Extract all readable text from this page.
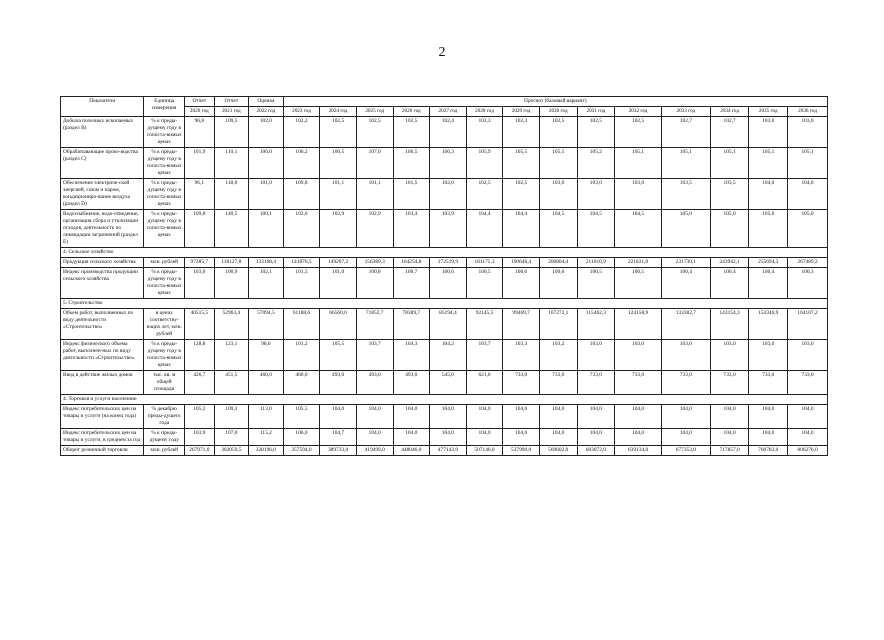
2
Показатели	Единица измерения	Отчет	Отчет	Оценка	Прогноз (базовый вариант)													
		2020 год	2021 год	2022 год	2023 год	2024 год	2025 год	2026 год	2027 год	2028 год	2029 год	2030 год	2031 год	2032 год	2033 год	2034 год	2035 год	2036 год
Добыча полезных ископаемых (раздел B)	% к преды-дущему году в сопоста-вимых ценах	96,8	109,5	102,0	102,2	102,5	102,5	102,5	102,4	102,3	102,3	102,5	102,5	102,5	102,7	102,7	103,0	103,0
Обрабатывающие произ-водства (раздел C)	% к преды-дущему году в сопоста-вимых ценах	101,9	110,1	106,0	106,2	106,5	107,0	106,5	106,3	105,9	105,5	105,5	105,2	105,1	105,1	105,1	105,1	105,1
Обеспечение электриче-ской энергией, газом и паром, кондициониро-вание воздуха (раздел D)	% к преды-дущему году в сопоста-вимых ценах	96,1	118,0	101,0	109,8	101,1	101,1	101,5	102,0	102,5	102,5	103,0	103,0	103,0	103,5	103,5	104,0	104,0
Водоснабжение, водо-отведение, организация сбора и утилизации отходов, деятельность по ликвидации загрязнений (раздел E)	% к преды-дущему году в сопоста-вимых ценах	109,8	140,5	100,1	102,6	102,9	102,9	103,4	103,9	104,4	104,4	104,5	104,5	104,5	105,0	105,0	105,0	105,0
4. Сельское хозяйство																		
Продукция сельского хозяйства	млн. рублей	97285,7	118127,8	133168,4	141876,5	149207,2	156389,3	164254,8	172519,9	181175,3	190646,4	200804,4	211010,9	221831,0	231730,1	243942,1	255694,3	267489,2
Индекс производства продукции сельского хозяйства	% к преды-дущему году в сопоста-вимых ценах	103,0	100,9	102,1	101,5	101,0	100,8	100,7	100,6	100,5	100,6	100,6	100,5	100,5	100,4	100,4	100,4	100,3
5. Строительство																		
Объем работ, выполненных по виду деятельности «Строительство»	в ценах соответству-ющих лет, млн. рублей	40515,5	52963,4	57094,5	61188,6	66560,0	71852,7	78389,7	85194,4	92145,5	99469,7	107272,1	115462,3	124158,9	133382,7	143154,3	153346,9	164107,2
Индекс физического объема работ, выполнен-ных по виду деятельности «Строительство»	% к преды-дущему году в сопоста-вимых ценах	128,8	123,1	98,0	101,2	105,5	103,7	104,3	104,2	103,7	103,3	103,2	103,0	103,0	103,0	103,0	103,0	103,0
Ввод в действие жилых домов	тыс. кв. м общей площади	426,7	451,5	460,0	460,0	493,0	493,0	493,0	545,0	621,0	733,0	733,0	733,0	733,0	733,0	733,0	733,0	733,0
4. Торговля и услуги населению																		
Индекс потребительских цен на товары и услуги (на конец года)	% декабрю преды-дущего года	105,2	109,3	113,0	105,5	104,0	104,0	104,0	104,0	104,0	104,0	104,0	104,0	104,0	104,0	104,0	104,0	104,0
Индекс потребительских цен на товары и услуги, в среднем за год	% к преды-дущему году	103,9	107,0	115,2	106,0	104,7	104,0	104,0	104,0	104,0	104,0	104,0	104,0	104,0	104,0	104,0	104,0	104,0
Оборот розничной торговли	млн. рублей	267971,0	302059,5	328196,0	357594,0	389733,0	419499,0	448046,0	477143,0	507146,0	537990,0	569602,0	603072,0	639134,0	677353,0	717857,0	760783,0	806276,0
